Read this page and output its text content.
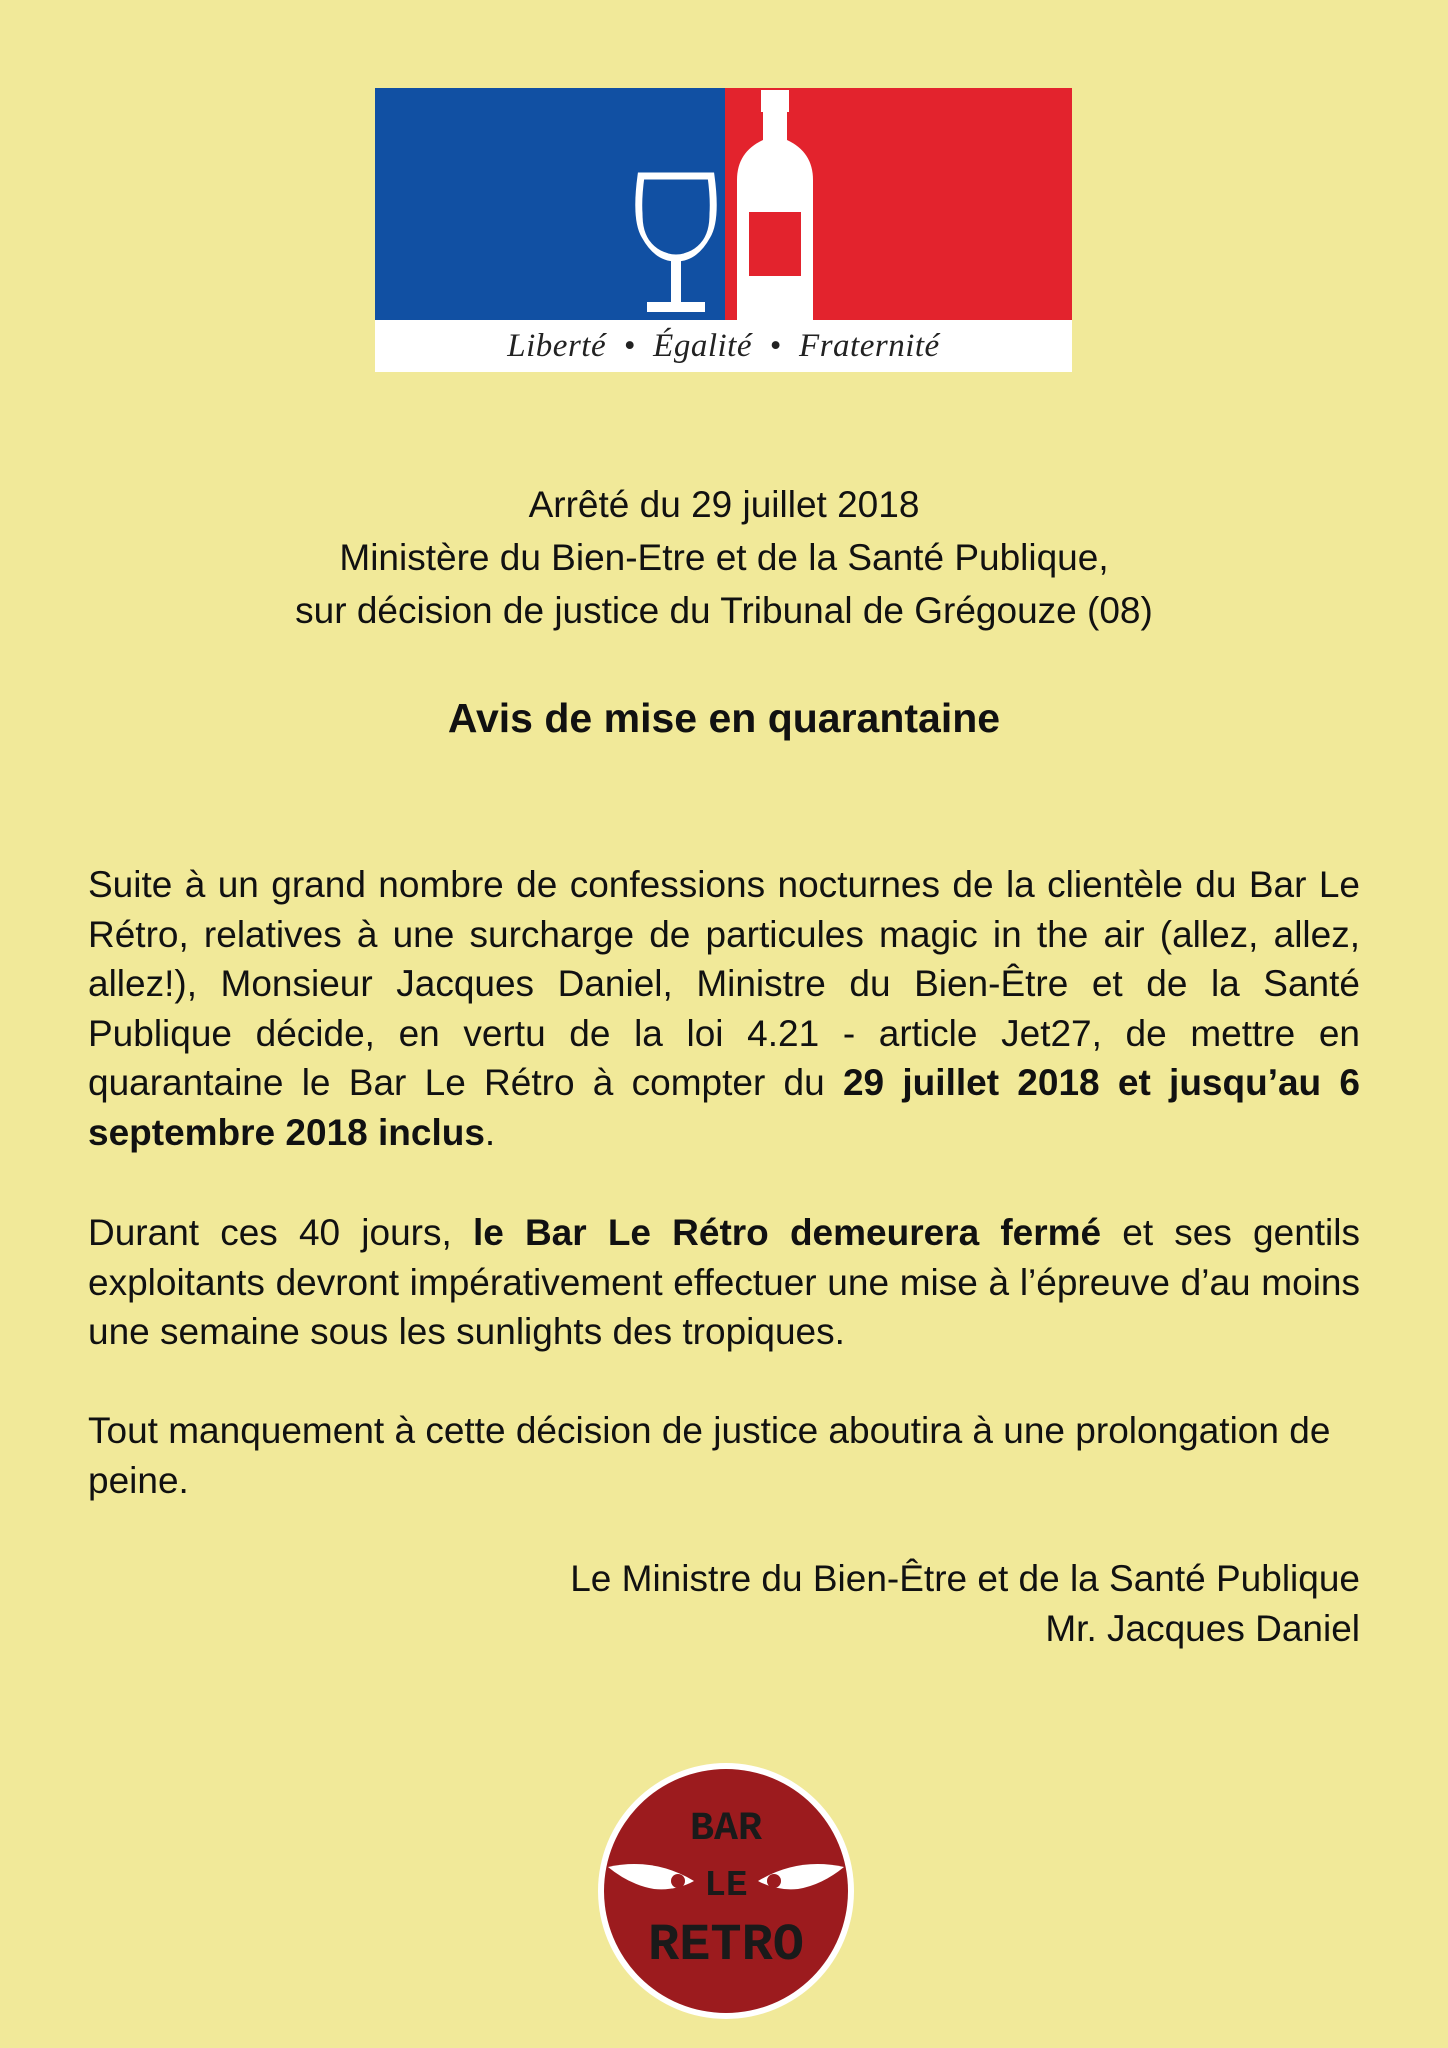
Liberté • Égalité • Fraternité
Arrêté du 29 juillet 2018
Ministère du Bien-Etre et de la Santé Publique,
sur décision de justice du Tribunal de Grégouze (08)
Avis de mise en quarantaine
Suite à un grand nombre de confessions nocturnes de la clientèle du Bar Le Rétro, relatives à une surcharge de particules magic in the air (allez, allez, allez!), Monsieur Jacques Daniel, Ministre du Bien-Être et de la Santé Publique décide, en vertu de la loi 4.21 - article Jet27, de mettre en quarantaine le Bar Le Rétro à compter du 29 juillet 2018 et jusqu’au 6 septembre 2018 inclus.
Durant ces 40 jours, le Bar Le Rétro demeurera fermé et ses gentils exploitants devront impérativement effectuer une mise à l’épreuve d’au moins une semaine sous les sunlights des tropiques.
Tout manquement à cette décision de justice aboutira à une prolongation de peine.
Le Ministre du Bien-Être et de la Santé Publique
Mr. Jacques Daniel
BAR
LE
RETRO
